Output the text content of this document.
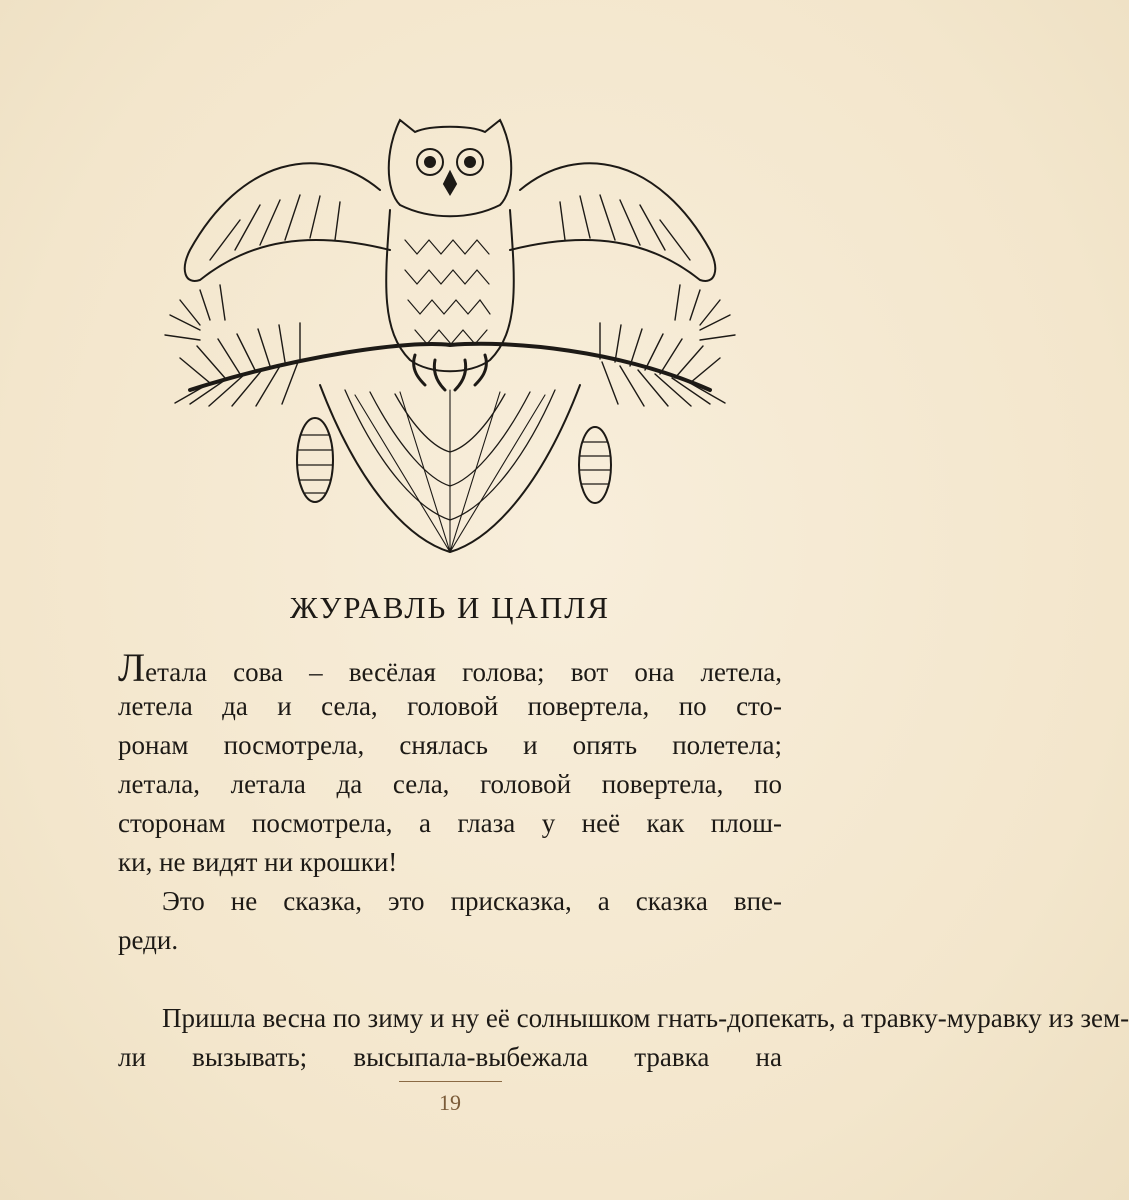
ЖУРАВЛЬ И ЦАПЛЯ
Летала сова – весёлая голова; вот она летела,
летела да и села, головой повертела, по сто-
ронам посмотрела, снялась и опять полетела;
летала, летала да села, головой повертела, по
сторонам посмотрела, а глаза у неё как плош-
ки, не видят ни крошки!
Это не сказка, это присказка, а сказка впе-
реди.
Пришла весна по зиму и ну её солнышком гнать-допекать, а травку-муравку из зем-
ли вызывать; высыпала-выбежала травка на
19
